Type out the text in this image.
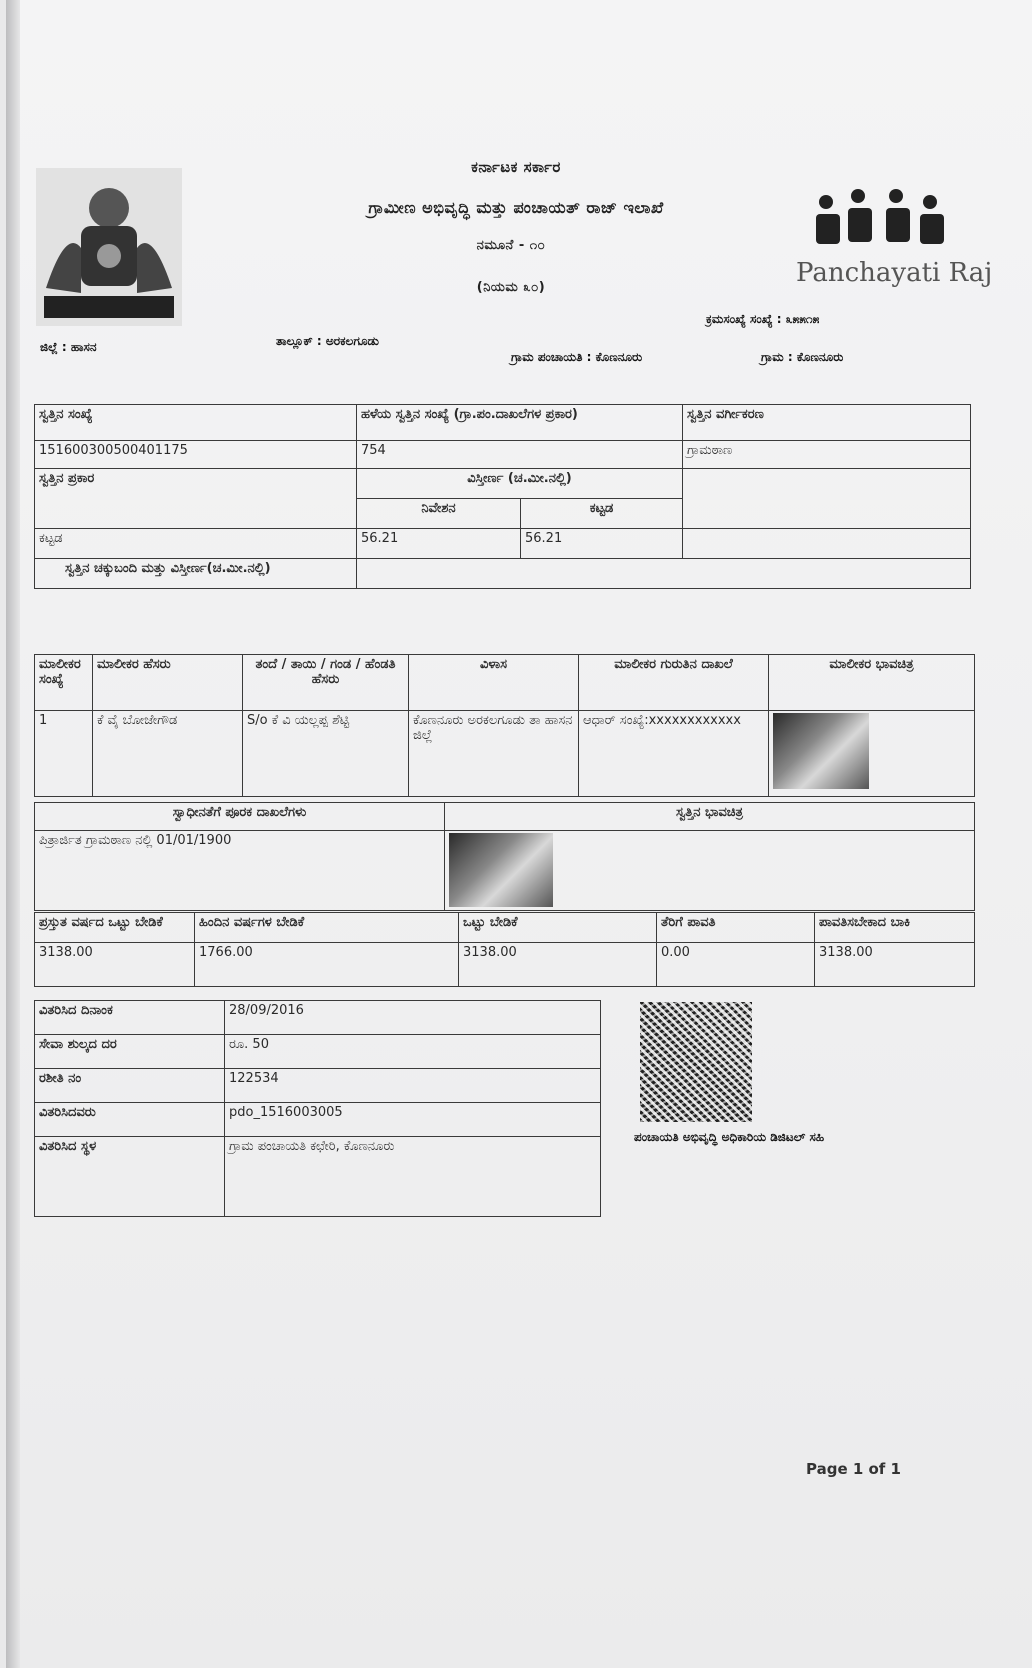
ಕರ್ನಾಟಕ ಸರ್ಕಾರ
ಗ್ರಾಮೀಣ ಅಭಿವೃದ್ಧಿ ಮತ್ತು ಪಂಚಾಯತ್ ರಾಜ್ ಇಲಾಖೆ
ನಮೂನೆ - ೧೦
(ನಿಯಮ ೩೦)	Panchayati Raj
ಕ್ರಮಸಂಖ್ಯೆ ಸಂಖ್ಯೆ : ೩೫೫೧೫
ಜಿಲ್ಲೆ : ಹಾಸನ	ತಾಲ್ಲೂಕ್ : ಅರಕಲಗೂಡು
ಗ್ರಾಮ ಪಂಚಾಯತಿ : ಕೊಣನೂರು	ಗ್ರಾಮ : ಕೊಣನೂರು
ಸ್ವತ್ತಿನ ಸಂಖ್ಯೆ	ಹಳೆಯ ಸ್ವತ್ತಿನ ಸಂಖ್ಯೆ (ಗ್ರಾ.ಪಂ.ದಾಖಲೆಗಳ ಪ್ರಕಾರ)		ಸ್ವತ್ತಿನ ವರ್ಗೀಕರಣ
151600300500401175	754		ಗ್ರಾಮಠಾಣ
ಸ್ವತ್ತಿನ ಪ್ರಕಾರ	ವಿಸ್ತೀರ್ಣ (ಚ.ಮೀ.ನಲ್ಲಿ)		
	ನಿವೇಶನ	ಕಟ್ಟಡ	
ಕಟ್ಟಡ	56.21	56.21	
ಸ್ವತ್ತಿನ ಚಕ್ಕುಬಂದಿ ಮತ್ತು ವಿಸ್ತೀರ್ಣ(ಚ.ಮೀ.ನಲ್ಲಿ)			
ಮಾಲೀಕರ ಸಂಖ್ಯೆ	ಮಾಲೀಕರ ಹೆಸರು	ತಂದೆ / ತಾಯಿ / ಗಂಡ / ಹೆಂಡತಿ ಹೆಸರು	ವಿಳಾಸ	ಮಾಲೀಕರ ಗುರುತಿನ ದಾಖಲೆ	ಮಾಲೀಕರ ಭಾವಚಿತ್ರ
1	ಕೆ ವೈ ಬೋಜೇಗೌಡ	S/o ಕೆ ವಿ ಯಲ್ಲಪ್ಪ ಶೆಟ್ಟಿ	ಕೊಣನೂರು ಅರಕಲಗೂಡು ತಾ ಹಾಸನ ಜಿಲ್ಲೆ	ಆಧಾರ್ ಸಂಖ್ಯೆ:xxxxxxxxxxxx	
ಸ್ವಾಧೀನತೆಗೆ ಪೂರಕ ದಾಖಲೆಗಳು	ಸ್ವತ್ತಿನ ಭಾವಚಿತ್ರ
ಪಿತ್ರಾರ್ಜಿತ ಗ್ರಾಮಠಾಣ ನಲ್ಲಿ 01/01/1900	
ಪ್ರಸ್ತುತ ವರ್ಷದ ಒಟ್ಟು ಬೇಡಿಕೆ	ಹಿಂದಿನ ವರ್ಷಗಳ ಬೇಡಿಕೆ	ಒಟ್ಟು ಬೇಡಿಕೆ	ತೆರಿಗೆ ಪಾವತಿ	ಪಾವತಿಸಬೇಕಾದ ಬಾಕಿ
3138.00	1766.00	3138.00	0.00	3138.00
ವಿತರಿಸಿದ ದಿನಾಂಕ	28/09/2016
ಸೇವಾ ಶುಲ್ಕದ ದರ	ರೂ. 50
ರಶೀತಿ ನಂ	122534
ವಿತರಿಸಿದವರು	pdo_1516003005
ವಿತರಿಸಿದ ಸ್ಥಳ	ಗ್ರಾಮ ಪಂಚಾಯತಿ ಕಛೇರಿ, ಕೊಣನೂರು
ಪಂಚಾಯತಿ ಅಭಿವೃದ್ಧಿ ಅಧಿಕಾರಿಯ ಡಿಜಿಟಲ್ ಸಹಿ
Page 1 of 1
